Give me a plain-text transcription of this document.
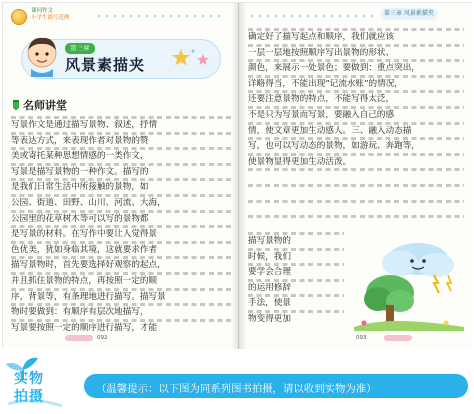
课同作文
小学生描写范例
第三章
风景素描夹
名师讲堂
写景作文是通过描写景物、叙述，抒情
等表达方式，来表现作者对景物的赞
美或寄托某种思想情感的一类作文，
写景是描写景物的一种作文。描写的
是我们日常生活中所接触的景物，如
公园、街道、田野、山川、河流、大海，
公园里的花草树木等可以写的景物都
是写景的材料。在写作中要让人觉得景
色优美，犹如身临其境，这就要求作者
描写景物时，首先要选择好观察的起点，
并且抓住景物的特点，再按照一定的顺
序，背景等，有条理地进行描写。描写景
物时要做到：有顺序有层次地描写，
写景要按照一定的顺序进行描写，才能
092
第三章 风景素描夹
确定好了描写起点和顺序，我们就应该
一层一层地按照顺序写出景物的形状、
颜色，来展示一处景色；要做到：重点突出，
详略得当，不能出现“记流水账”的情况，
还要注意景物的特点，不能写得太泛，
不是只为写景而写景，要融入自己的感
情，使文章更加生动感人。三、融入动态描
写，也可以写动态的景物，如游玩、奔跑等，
使景物显得更加生动活泼。
描写景物的
时候，我们
要学会合理
的运用修辞
手法，使景
物变得更加
093
实物
拍摄	（温馨提示：以下图为同系列图书拍摄，请以收到实物为准）
